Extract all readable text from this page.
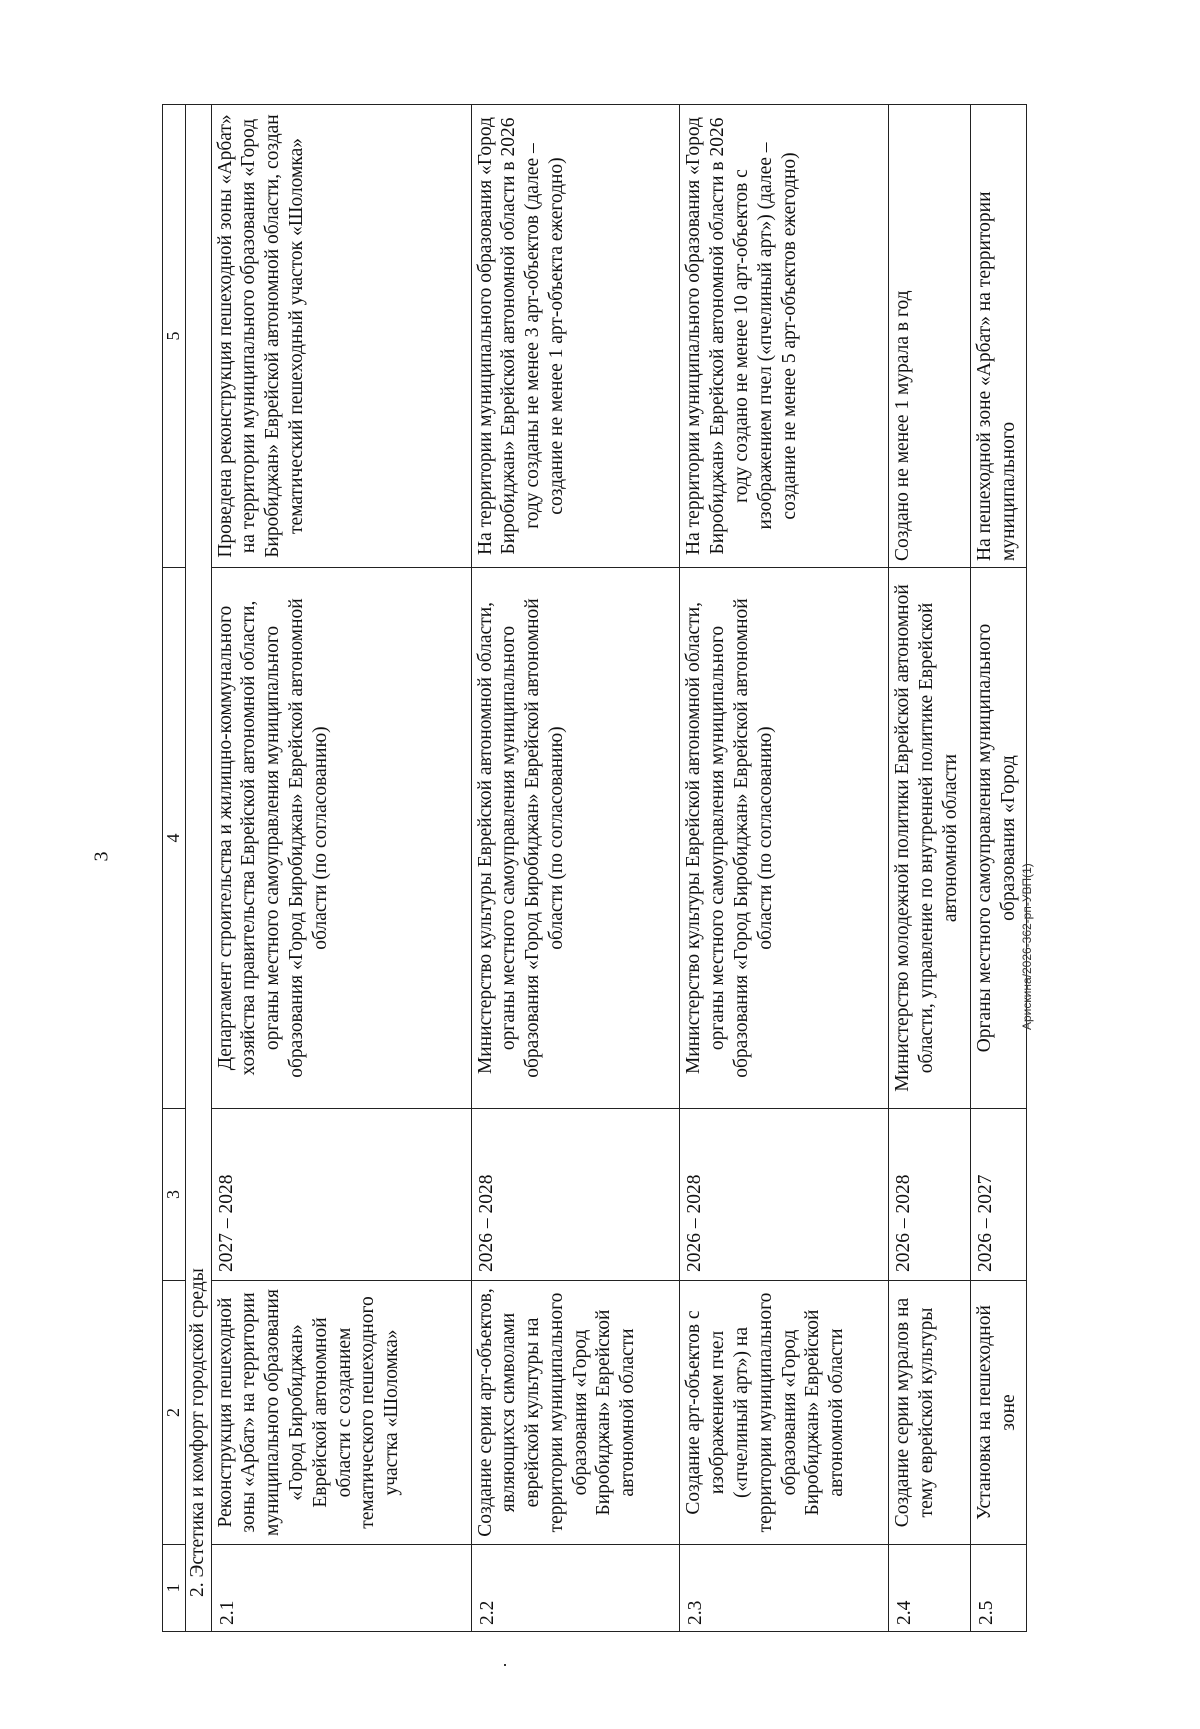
3
1	2	3	4	5
2. Эстетика и комфорт городской среды				
2.1	Реконструкция пешеходной зоны «Арбат» на территории муниципального образования «Город Биробиджан» Еврейской автономной области с созданием тематического пешеходного участка «Шоломка»	2027 – 2028	Департамент строительства и жилищно-коммунального хозяйства правительства Еврейской автономной области, органы местного самоуправления муниципального образования «Город Биробиджан» Еврейской автономной области (по согласованию)	Проведена реконструкция пешеходной зоны «Арбат» на территории муниципального образования «Город Биробиджан» Еврейской автономной области, создан тематический пешеходный участок «Шоломка»
2.2	Создание серии арт-объектов, являющихся символами еврейской культуры на территории муниципального образования «Город Биробиджан» Еврейской автономной области	2026 – 2028	Министерство культуры Еврейской автономной области, органы местного самоуправления муниципального образования «Город Биробиджан» Еврейской автономной области (по согласованию)	На территории муниципального образования «Город Биробиджан» Еврейской автономной области в 2026 году созданы не менее 3 арт-объектов (далее – создание не менее 1 арт-объекта ежегодно)
2.3	Создание арт-объектов с изображением пчел («пчелиный арт») на территории муниципального образования «Город Биробиджан» Еврейской автономной области	2026 – 2028	Министерство культуры Еврейской автономной области, органы местного самоуправления муниципального образования «Город Биробиджан» Еврейской автономной области (по согласованию)	На территории муниципального образования «Город Биробиджан» Еврейской автономной области в 2026 году создано не менее 10 арт-объектов с изображением пчел («пчелиный арт») (далее – создание не менее 5 арт-объектов ежегодно)
2.4	Создание серии муралов на тему еврейской культуры	2026 – 2028	Министерство молодежной политики Еврейской автономной области, управление по внутренней политике Еврейской автономной области	Создано не менее 1 мурала в год
2.5	Установка на пешеходной зоне	2026 – 2027	Органы местного самоуправления муниципального образования «Город	На пешеходной зоне «Арбат» на территории муниципального
Арискина/2026-362-рп-УВП(1)
